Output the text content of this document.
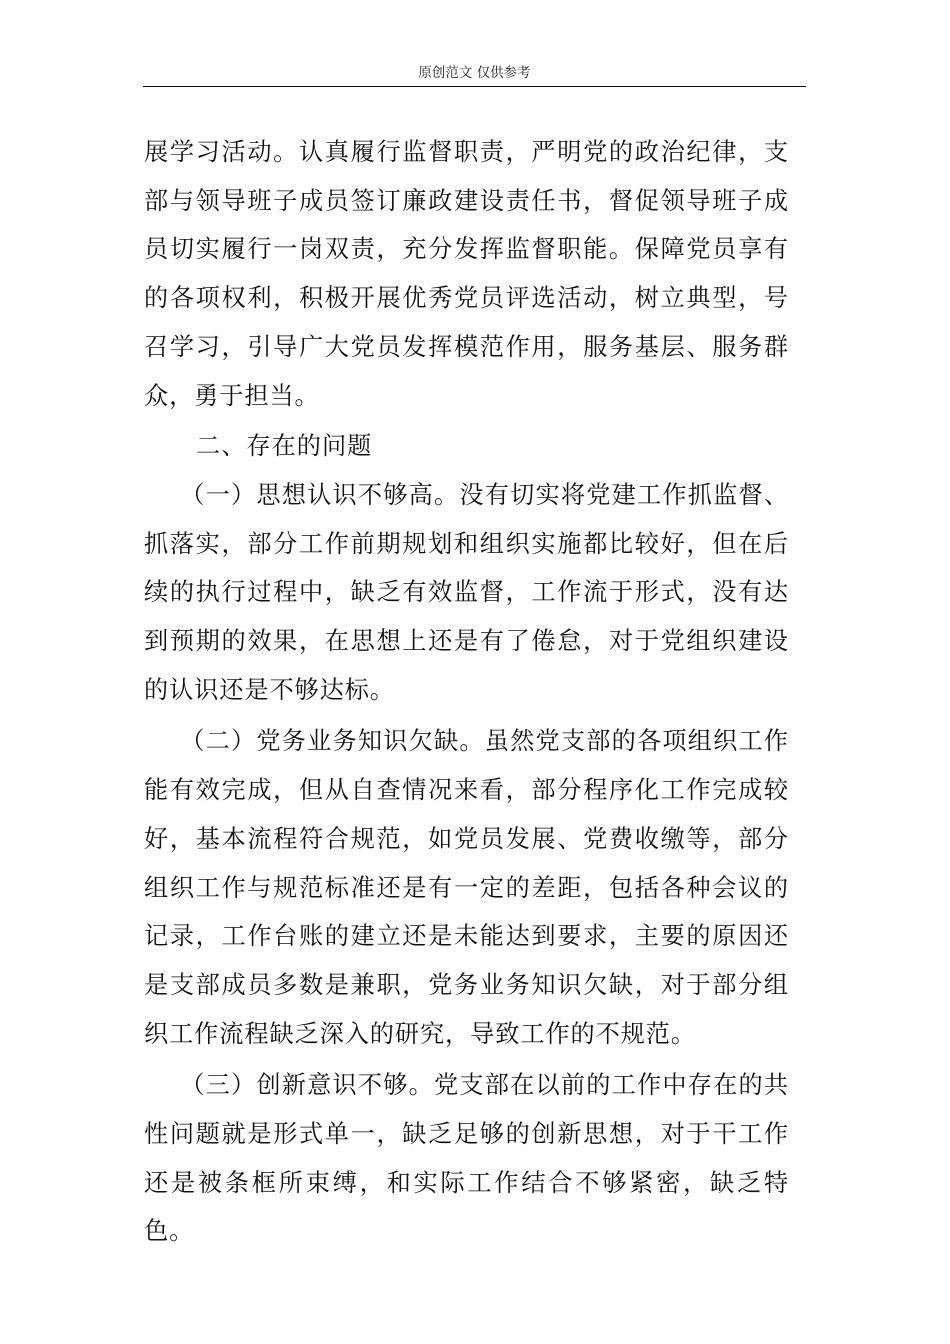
原创范文 仅供参考

展学习活动。认真履行监督职责，严明党的政治纪律，支部与领导班子成员签订廉政建设责任书，督促领导班子成员切实履行一岗双责，充分发挥监督职能。保障党员享有的各项权利，积极开展优秀党员评选活动，树立典型，号召学习，引导广大党员发挥模范作用，服务基层、服务群众，勇于担当。

二、存在的问题

（一）思想认识不够高。没有切实将党建工作抓监督、抓落实，部分工作前期规划和组织实施都比较好，但在后续的执行过程中，缺乏有效监督，工作流于形式，没有达到预期的效果，在思想上还是有了倦怠，对于党组织建设的认识还是不够达标。

（二）党务业务知识欠缺。虽然党支部的各项组织工作能有效完成，但从自查情况来看，部分程序化工作完成较好，基本流程符合规范，如党员发展、党费收缴等，部分组织工作与规范标准还是有一定的差距，包括各种会议的记录，工作台账的建立还是未能达到要求，主要的原因还是支部成员多数是兼职，党务业务知识欠缺，对于部分组织工作流程缺乏深入的研究，导致工作的不规范。

（三）创新意识不够。党支部在以前的工作中存在的共性问题就是形式单一，缺乏足够的创新思想，对于干工作还是被条框所束缚，和实际工作结合不够紧密，缺乏特色。
